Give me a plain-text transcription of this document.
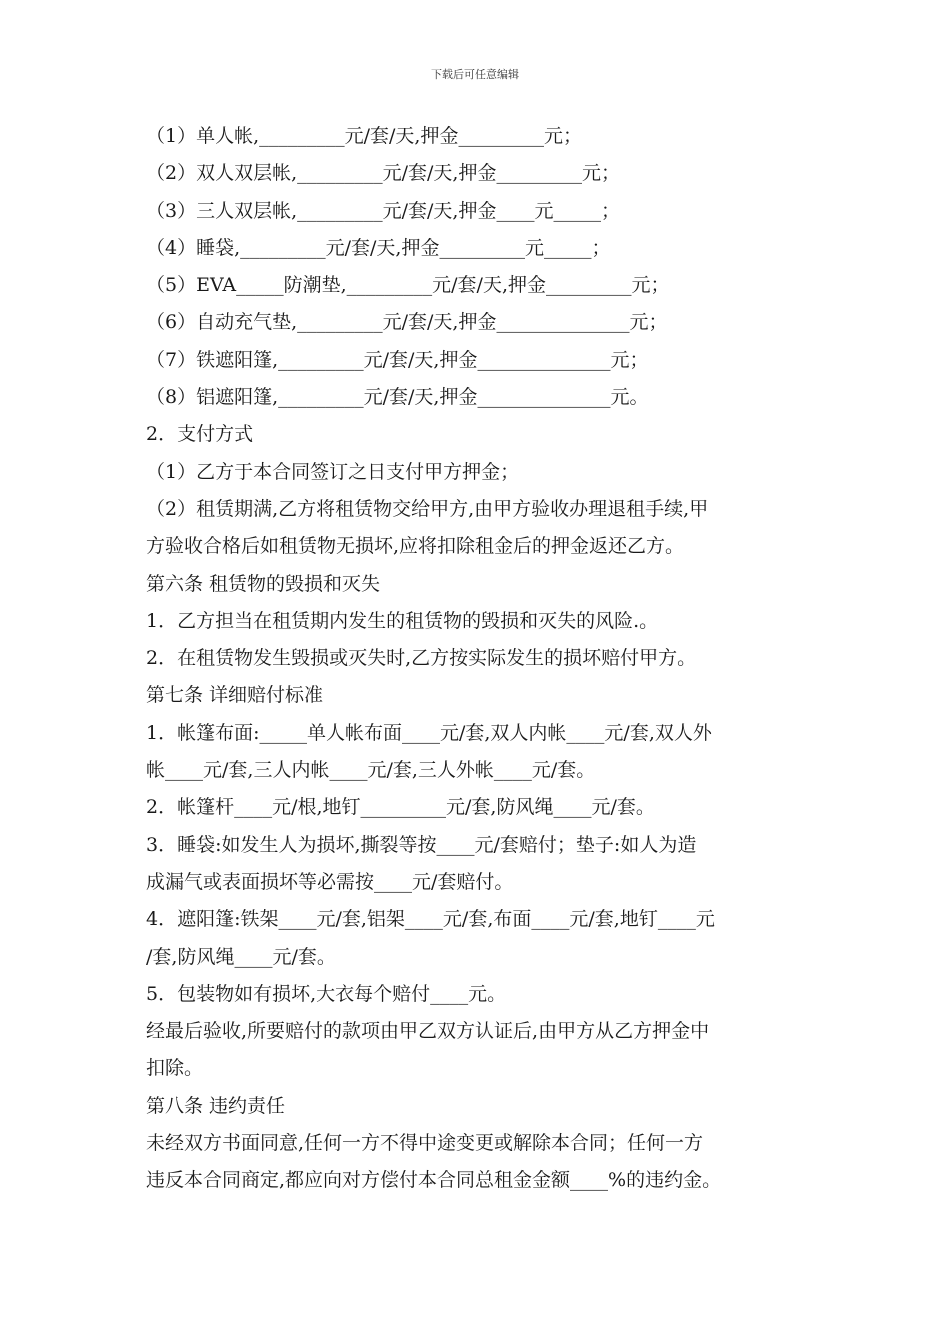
下载后可任意编辑
（1）单人帐,_________元/套/天,押金_________元；
（2）双人双层帐,_________元/套/天,押金_________元；
（3）三人双层帐,_________元/套/天,押金____元_____；
（4）睡袋,_________元/套/天,押金_________元_____；
（5）EVA_____防潮垫,_________元/套/天,押金_________元；
（6）自动充气垫,_________元/套/天,押金______________元；
（7）铁遮阳篷,_________元/套/天,押金______________元；
（8）铝遮阳篷,_________元/套/天,押金______________元。
2．支付方式
（1）乙方于本合同签订之日支付甲方押金；
（2）租赁期满,乙方将租赁物交给甲方,由甲方验收办理退租手续,甲
方验收合格后如租赁物无损坏,应将扣除租金后的押金返还乙方。
第六条 租赁物的毁损和灭失
1．乙方担当在租赁期内发生的租赁物的毁损和灭失的风险.。
2．在租赁物发生毁损或灭失时,乙方按实际发生的损坏赔付甲方。
第七条 详细赔付标准
1．帐篷布面:_____单人帐布面____元/套,双人内帐____元/套,双人外
帐____元/套,三人内帐____元/套,三人外帐____元/套。
2．帐篷杆____元/根,地钉_________元/套,防风绳____元/套。
3．睡袋:如发生人为损坏,撕裂等按____元/套赔付；垫子:如人为造
成漏气或表面损坏等必需按____元/套赔付。
4．遮阳篷:铁架____元/套,铝架____元/套,布面____元/套,地钉____元
/套,防风绳____元/套。
5．包装物如有损坏,大衣每个赔付____元。
经最后验收,所要赔付的款项由甲乙双方认证后,由甲方从乙方押金中
扣除。
第八条 违约责任
未经双方书面同意,任何一方不得中途变更或解除本合同；任何一方
违反本合同商定,都应向对方偿付本合同总租金金额____%的违约金。
